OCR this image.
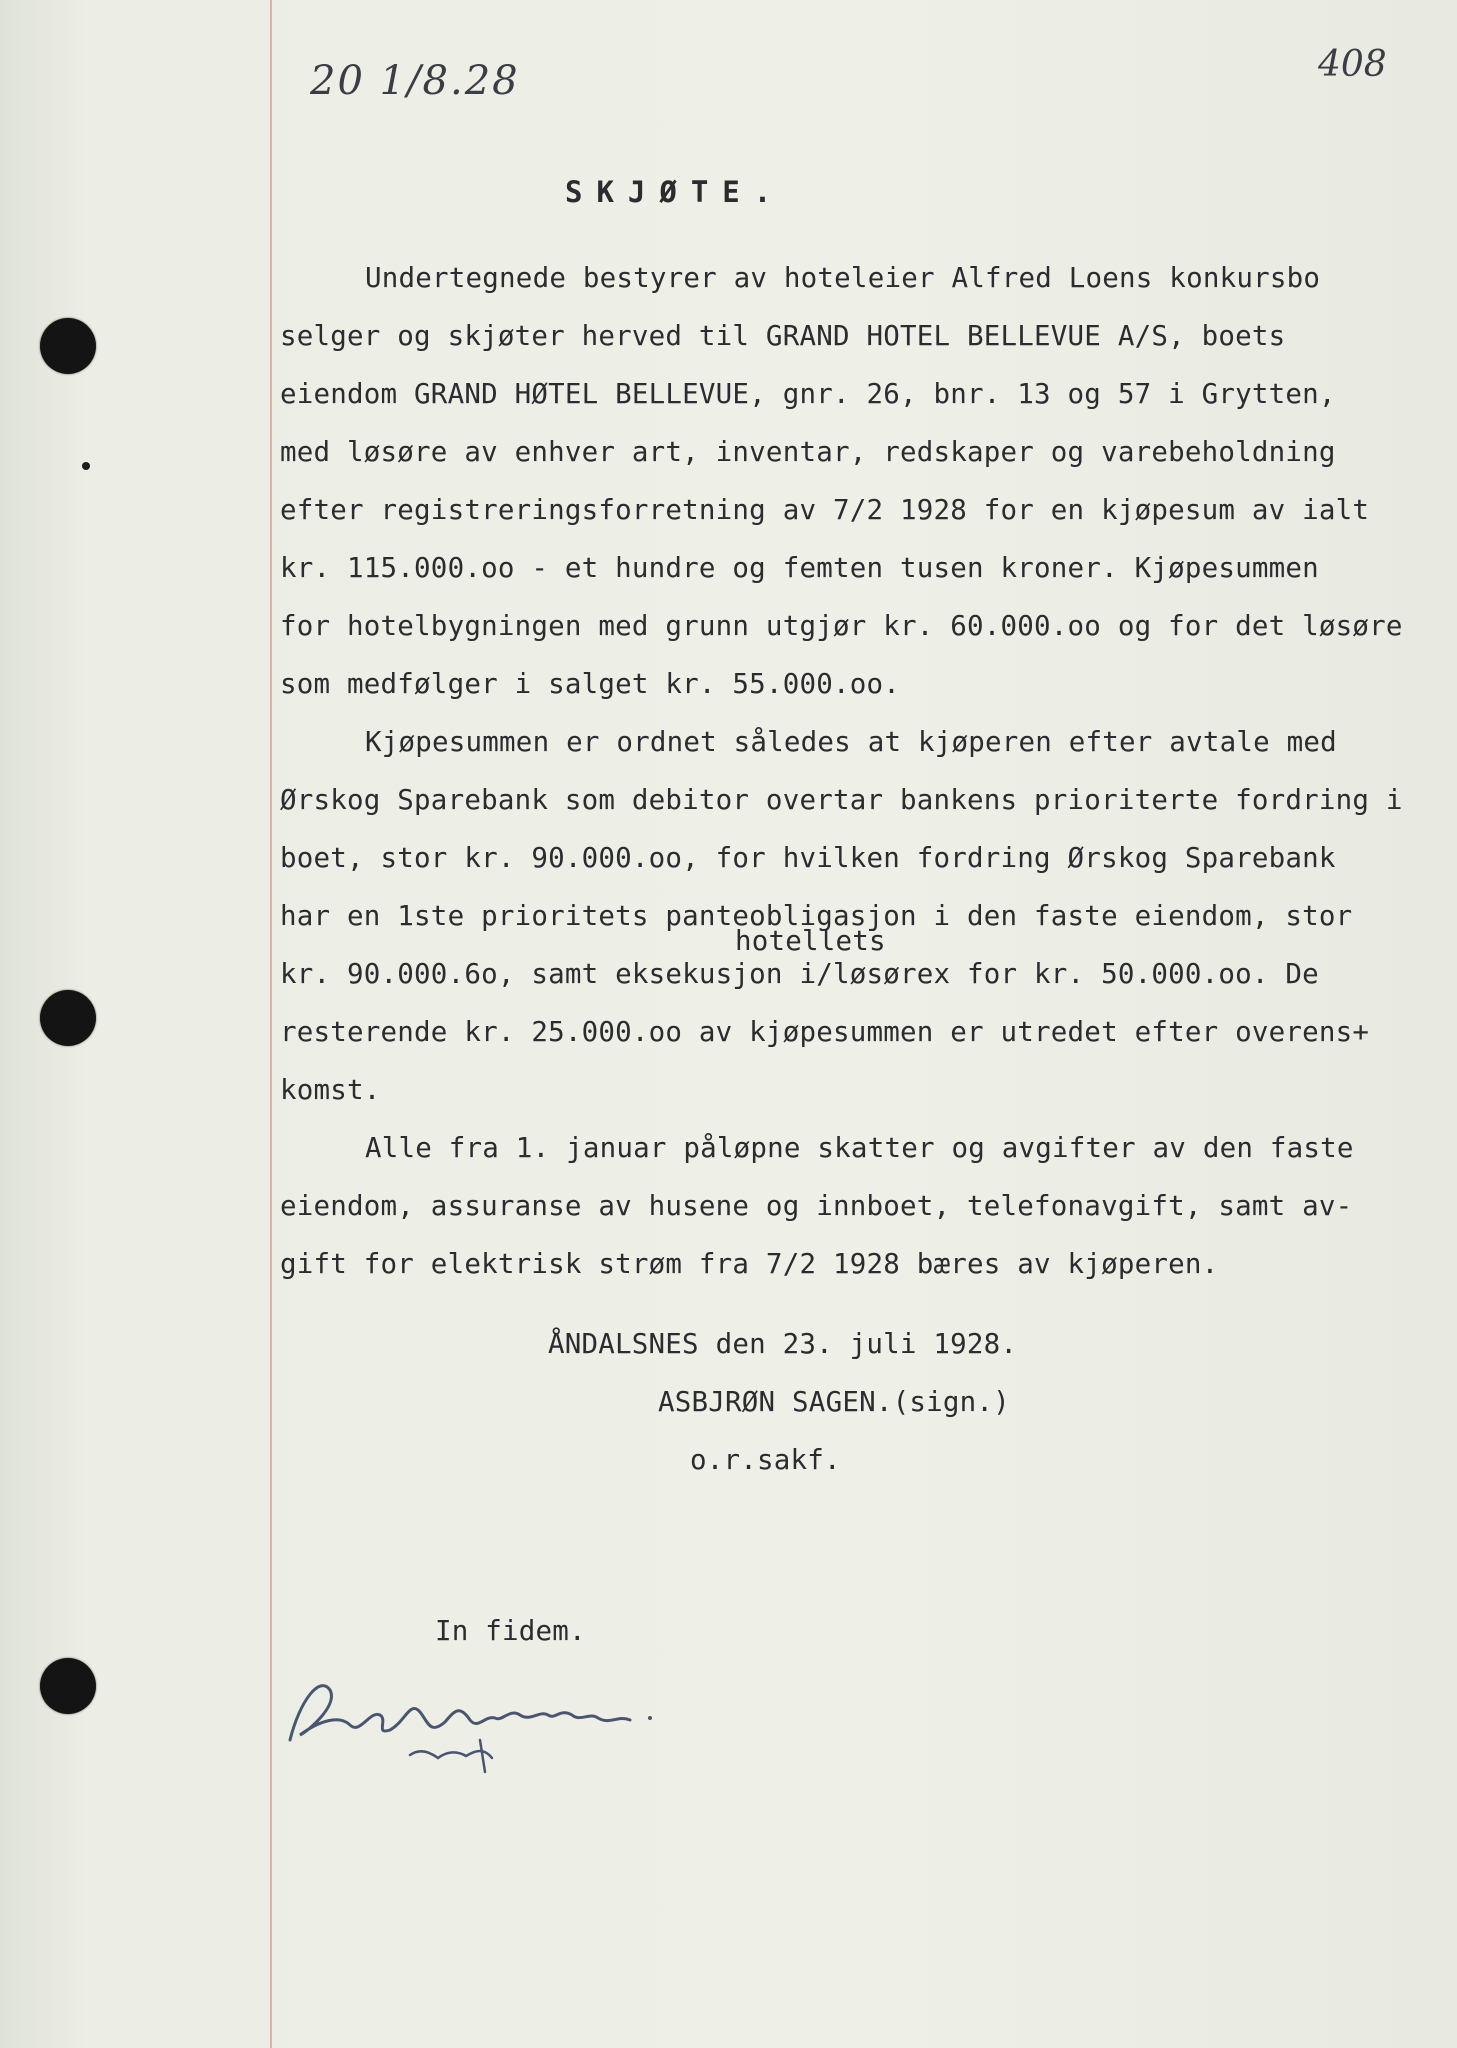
20 1/8.28	408
SKJØTE.
Undertegnede bestyrer av hoteleier Alfred Loens konkursbo
selger og skjøter herved til GRAND HOTEL BELLEVUE A/S, boets
eiendom GRAND HØTEL BELLEVUE, gnr. 26, bnr. 13 og 57 i Grytten,
med løsøre av enhver art, inventar, redskaper og varebeholdning
efter registreringsforretning av 7/2 1928 for en kjøpesum av ialt
kr. 115.000.oo - et hundre og femten tusen kroner. Kjøpesummen
for hotelbygningen med grunn utgjør kr. 60.000.oo og for det løsøre
som medfølger i salget kr. 55.000.oo.
Kjøpesummen er ordnet således at kjøperen efter avtale med
Ørskog Sparebank som debitor overtar bankens prioriterte fordring i
boet, stor kr. 90.000.oo, for hvilken fordring Ørskog Sparebank
har en 1ste prioritets panteobligasjon i den faste eiendom, stor
hotellets
kr. 90.000.6o, samt eksekusjon i/løsørex for kr. 50.000.oo. De
resterende kr. 25.000.oo av kjøpesummen er utredet efter overens+
komst.
Alle fra 1. januar påløpne skatter og avgifter av den faste
eiendom, assuranse av husene og innboet, telefonavgift, samt av-
gift for elektrisk strøm fra 7/2 1928 bæres av kjøperen.
ÅNDALSNES den 23. juli 1928.
ASBJRØN SAGEN.(sign.)
o.r.sakf.
In fidem.
